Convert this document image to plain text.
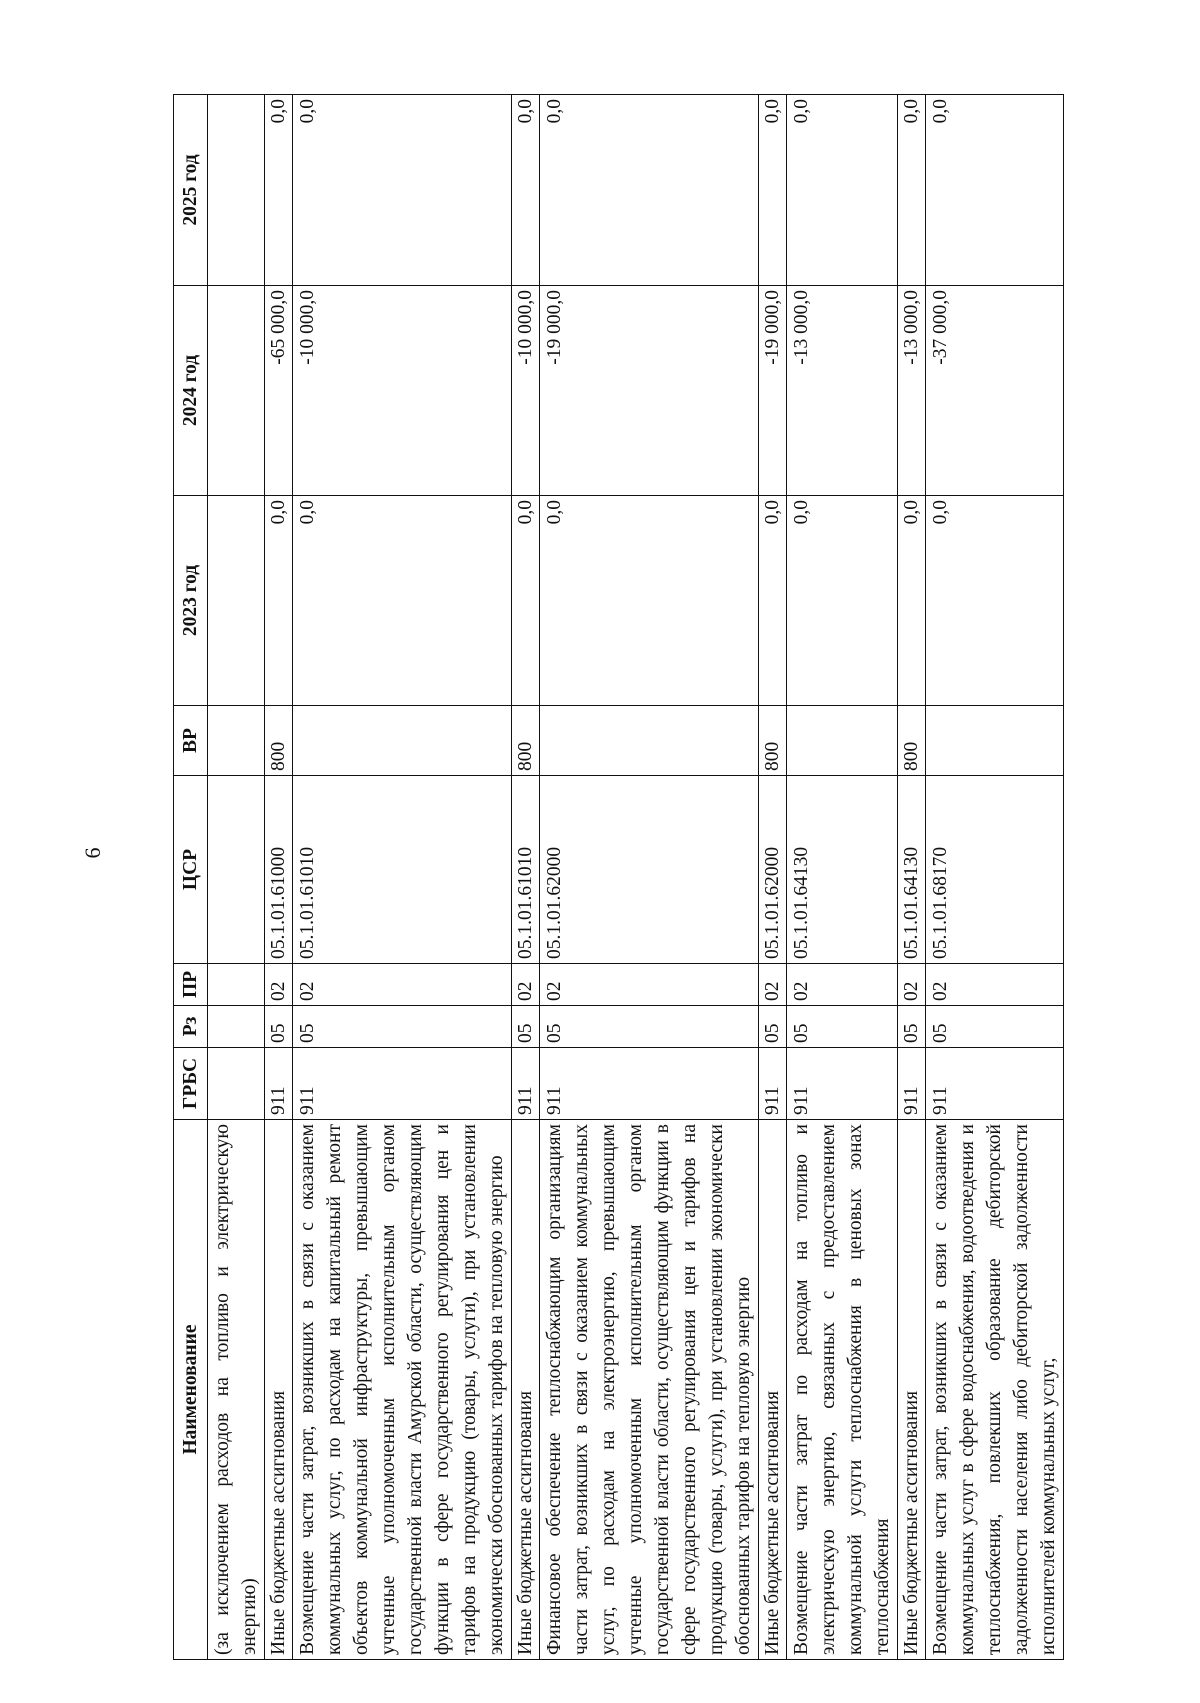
6
Наименование	ГРБС	Рз	ПР	ЦСР	ВР	2023 год	2024 год	2025 год
(за исключением расходов на топливо и электрическую энергию)								
Иные бюджетные ассигнования	911	05	02	05.1.01.61000	800	0,0	-65 000,0	0,0
Возмещение части затрат, возникших в связи с оказанием коммунальных услуг, по расходам на капитальный ремонт объектов коммунальной инфраструктуры, превышающим учтенные уполномоченным исполнительным органом государственной власти Амурской области, осуществляющим функции в сфере государственного регулирования цен и тарифов на продукцию (товары, услуги), при установлении экономически обоснованных тарифов на тепловую энергию	911	05	02	05.1.01.61010		0,0	-10 000,0	0,0
Иные бюджетные ассигнования	911	05	02	05.1.01.61010	800	0,0	-10 000,0	0,0
Финансовое обеспечение теплоснабжающим организациям части затрат, возникших в связи с оказанием коммунальных услуг, по расходам на электроэнергию, превышающим учтенные уполномоченным исполнительным органом государственной власти области, осуществляющим функции в сфере государственного регулирования цен и тарифов на продукцию (товары, услуги), при установлении экономически обоснованных тарифов на тепловую энергию	911	05	02	05.1.01.62000		0,0	-19 000,0	0,0
Иные бюджетные ассигнования	911	05	02	05.1.01.62000	800	0,0	-19 000,0	0,0
Возмещение части затрат по расходам на топливо и электрическую энергию, связанных с предоставлением коммунальной услуги теплоснабжения в ценовых зонах теплоснабжения	911	05	02	05.1.01.64130		0,0	-13 000,0	0,0
Иные бюджетные ассигнования	911	05	02	05.1.01.64130	800	0,0	-13 000,0	0,0
Возмещение части затрат, возникших в связи с оказанием коммунальных услуг в сфере водоснабжения, водоотведения и теплоснабжения, повлекших образование дебиторской задолженности населения либо дебиторской задолженности исполнителей коммунальных услуг,	911	05	02	05.1.01.68170		0,0	-37 000,0	0,0
